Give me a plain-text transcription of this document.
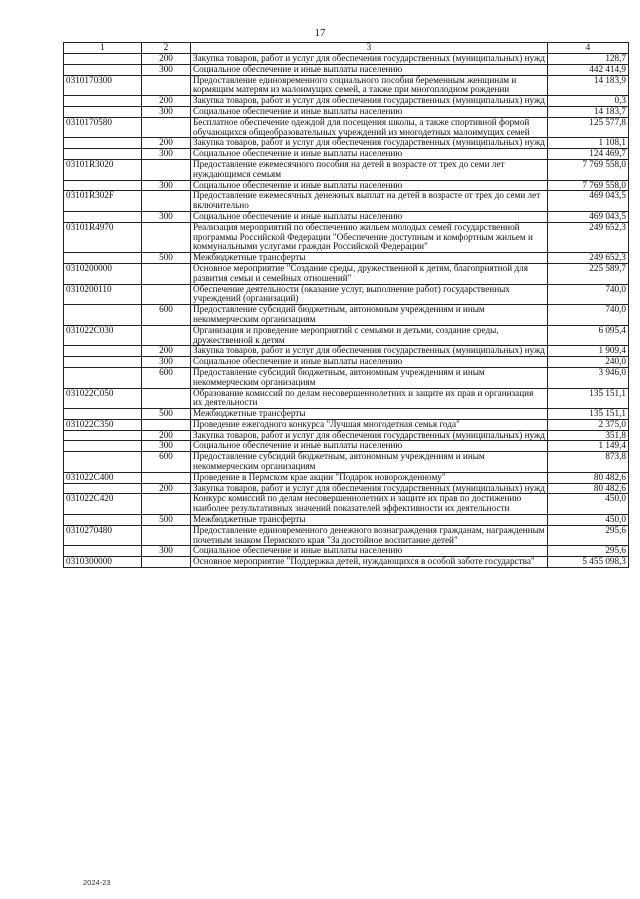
17
1	2	3	4
	200	Закупка товаров, работ и услуг для обеспечения государственных (муниципальных) нужд	128,7
	300	Социальное обеспечение и иные выплаты населению	442 414,9
0310170300		Предоставление единовременного социального пособия беременным женщинам и кормящим матерям из малоимущих семей, а также при многоплодном рождении	14 183,9
	200	Закупка товаров, работ и услуг для обеспечения государственных (муниципальных) нужд	0,3
	300	Социальное обеспечение и иные выплаты населению	14 183,7
0310170580		Бесплатное обеспечение одеждой для посещения школы, а также спортивной формой обучающихся общеобразовательных учреждений из многодетных малоимущих семей	125 577,8
	200	Закупка товаров, работ и услуг для обеспечения государственных (муниципальных) нужд	1 108,1
	300	Социальное обеспечение и иные выплаты населению	124 469,7
03101R3020		Предоставление ежемесячного пособия на детей в возрасте от трех до семи лет нуждающимся семьям	7 769 558,0
	300	Социальное обеспечение и иные выплаты населению	7 769 558,0
03101R302F		Предоставление ежемесячных денежных выплат на детей в возрасте от трех до семи лет включительно	469 043,5
	300	Социальное обеспечение и иные выплаты населению	469 043,5
03101R4970		Реализация мероприятий по обеспечению жильем молодых семей государственной программы Российской Федерации "Обеспечение доступным и комфортным жильем и коммунальными услугами граждан Российской Федерации"	249 652,3
	500	Межбюджетные трансферты	249 652,3
0310200000		Основное мероприятие "Создание среды, дружественной к детям, благоприятной для развития семьи и семейных отношений"	225 589,7
0310200110		Обеспечение деятельности (оказание услуг, выполнение работ) государственных учреждений (организаций)	740,0
	600	Предоставление субсидий бюджетным, автономным учреждениям и иным некоммерческим организациям	740,0
031022С030		Организация и проведение мероприятий с семьями и детьми, создание среды, дружественной к детям	6 095,4
	200	Закупка товаров, работ и услуг для обеспечения государственных (муниципальных) нужд	1 909,4
	300	Социальное обеспечение и иные выплаты населению	240,0
	600	Предоставление субсидий бюджетным, автономным учреждениям и иным некоммерческим организациям	3 946,0
031022С050		Образование комиссий по делам несовершеннолетних и защите их прав и организация их деятельности	135 151,1
	500	Межбюджетные трансферты	135 151,1
031022С350		Проведение ежегодного конкурса "Лучшая многодетная семья года"	2 375,0
	200	Закупка товаров, работ и услуг для обеспечения государственных (муниципальных) нужд	351,8
	300	Социальное обеспечение и иные выплаты населению	1 149,4
	600	Предоставление субсидий бюджетным, автономным учреждениям и иным некоммерческим организациям	873,8
031022С400		Проведение в Пермском крае акции "Подарок новорожденному"	80 482,6
	200	Закупка товаров, работ и услуг для обеспечения государственных (муниципальных) нужд	80 482,6
031022С420		Конкурс комиссий по делам несовершеннолетних и защите их прав по достижению наиболее результативных значений показателей эффективности их деятельности	450,0
	500	Межбюджетные трансферты	450,0
0310270480		Предоставление единовременного денежного вознаграждения гражданам, награжденным почетным знаком Пермского края "За достойное воспитание детей"	295,6
	300	Социальное обеспечение и иные выплаты населению	295,6
0310300000		Основное мероприятие "Поддержка детей, нуждающихся в особой заботе государства"	5 455 098,3
2024-23
